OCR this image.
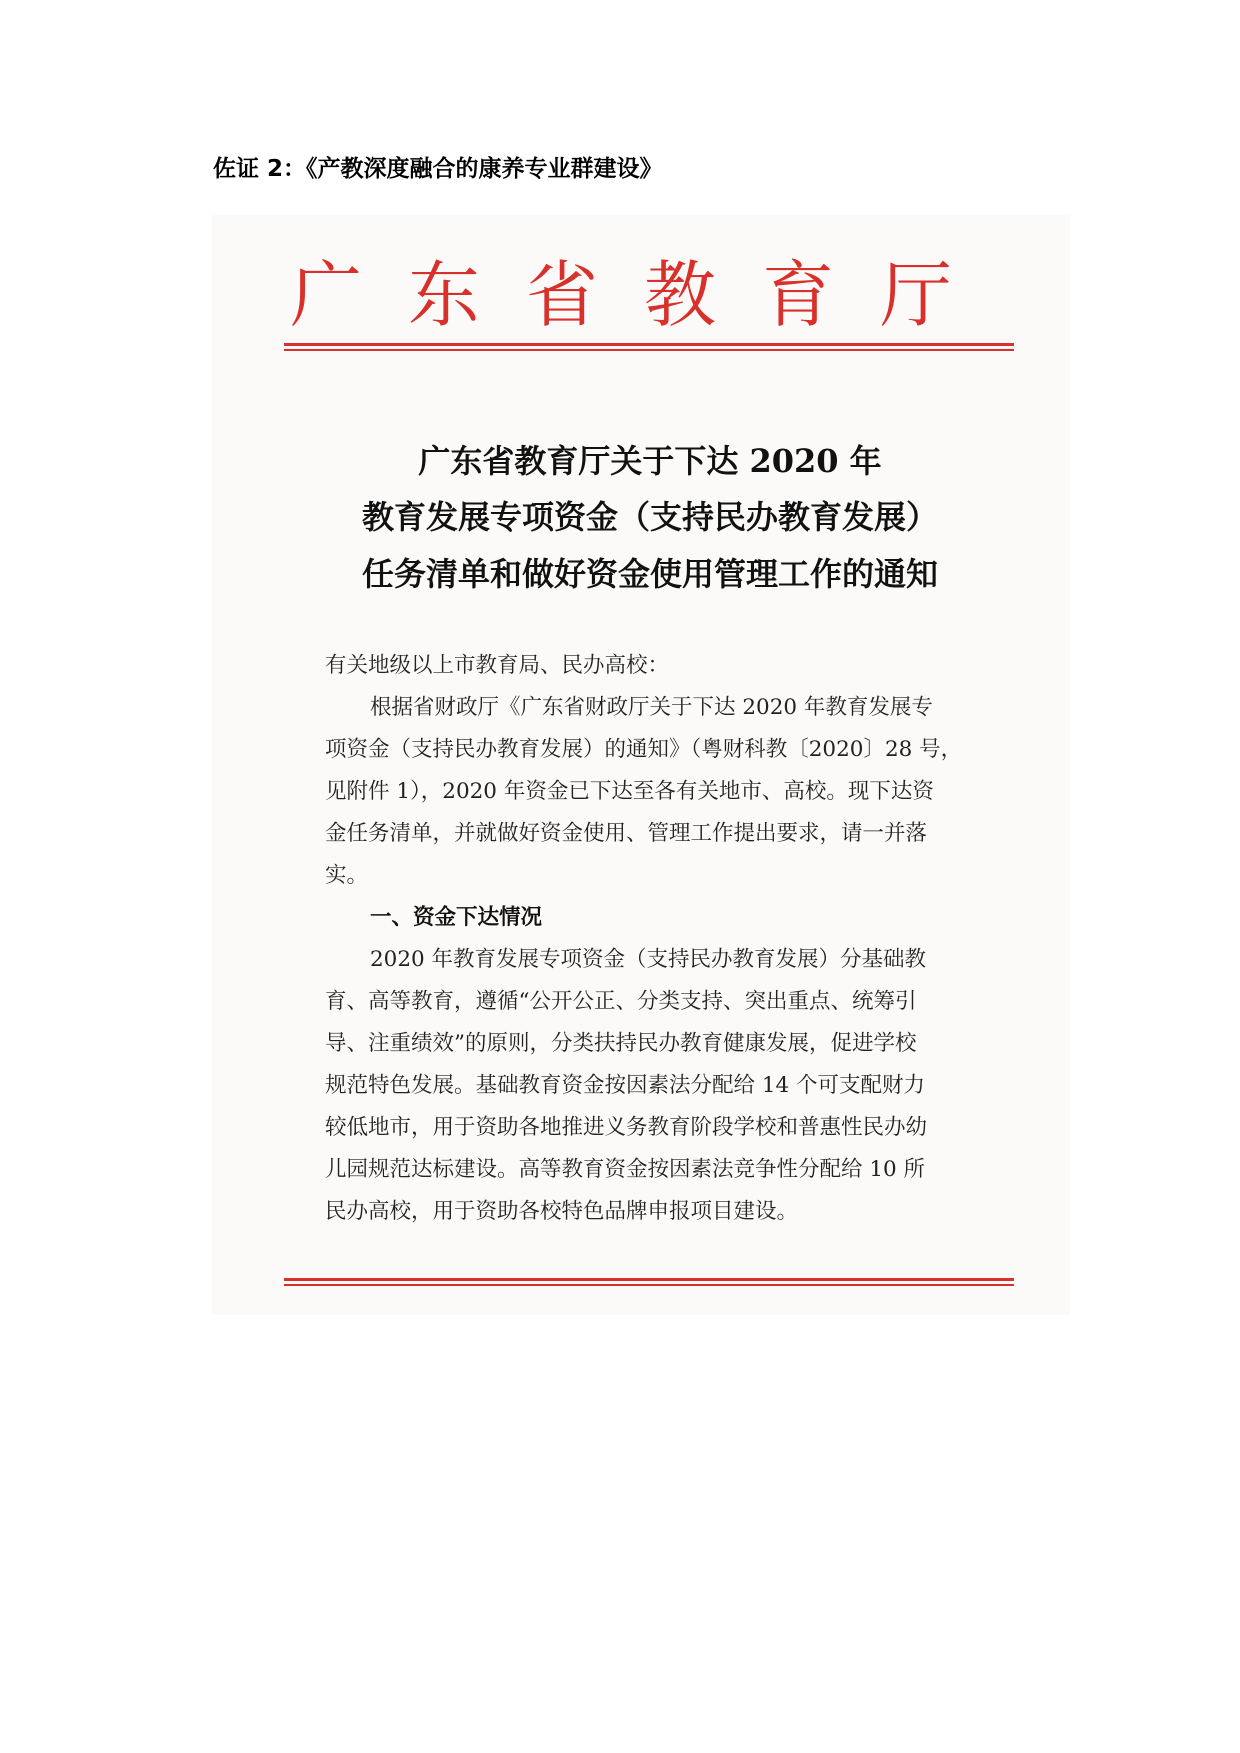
佐证 2：《产教深度融合的康养专业群建设》
广 东 省 教 育 厅
广东省教育厅关于下达 2020 年
教育发展专项资金（支持民办教育发展）
任务清单和做好资金使用管理工作的通知
有关地级以上市教育局、民办高校：
根据省财政厅《广东省财政厅关于下达 2020 年教育发展专
项资金（支持民办教育发展）的通知》（粤财科教〔2020〕28 号，
见附件 1），2020 年资金已下达至各有关地市、高校。现下达资
金任务清单，并就做好资金使用、管理工作提出要求，请一并落
实。
一、资金下达情况
2020 年教育发展专项资金（支持民办教育发展）分基础教
育、高等教育，遵循“公开公正、分类支持、突出重点、统筹引
导、注重绩效”的原则，分类扶持民办教育健康发展，促进学校
规范特色发展。基础教育资金按因素法分配给 14 个可支配财力
较低地市，用于资助各地推进义务教育阶段学校和普惠性民办幼
儿园规范达标建设。高等教育资金按因素法竞争性分配给 10 所
民办高校，用于资助各校特色品牌申报项目建设。
